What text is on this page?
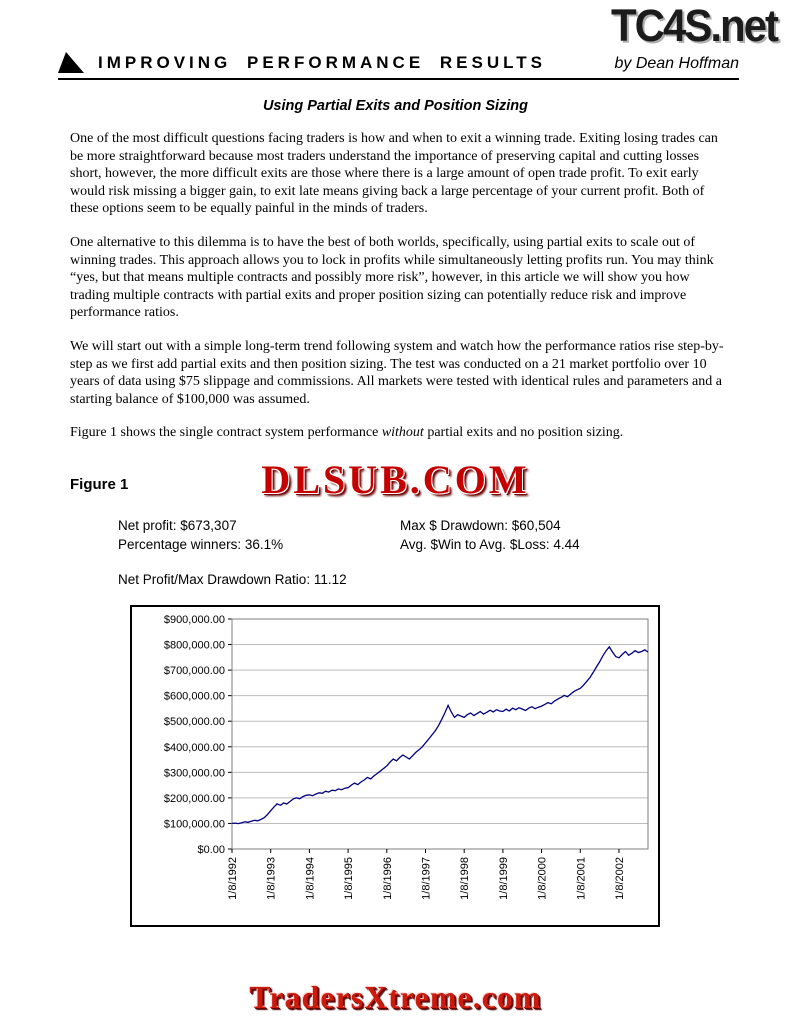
TC4S.net
IMPROVING PERFORMANCE RESULTS	by Dean Hoffman
Using Partial Exits and Position Sizing

One of the most difficult questions facing traders is how and when to exit a winning trade. Exiting losing trades can be more straightforward because most traders understand the importance of preserving capital and cutting losses short, however, the more difficult exits are those where there is a large amount of open trade profit. To exit early would risk missing a bigger gain, to exit late means giving back a large percentage of your current profit. Both of these options seem to be equally painful in the minds of traders.

One alternative to this dilemma is to have the best of both worlds, specifically, using partial exits to scale out of winning trades. This approach allows you to lock in profits while simultaneously letting profits run. You may think “yes, but that means multiple contracts and possibly more risk”, however, in this article we will show you how trading multiple contracts with partial exits and proper position sizing can potentially reduce risk and improve performance ratios.

We will start out with a simple long-term trend following system and watch how the performance ratios rise step-by-step as we first add partial exits and then position sizing. The test was conducted on a 21 market portfolio over 10 years of data using $75 slippage and commissions. All markets were tested with identical rules and parameters and a starting balance of $100,000 was assumed.

Figure 1 shows the single contract system performance without partial exits and no position sizing.

Figure 1	DLSUB.COM
Net profit: $673,307	Max $ Drawdown: $60,504
Percentage winners: 36.1%	Avg. $Win to Avg. $Loss: 4.44
Net Profit/Max Drawdown Ratio: 11.12
$0.00
$100,000.00
$200,000.00
$300,000.00
$400,000.00
$500,000.00
$600,000.00
$700,000.00
$800,000.00
$900,000.00
1/8/1992 1/8/1993 1/8/1994 1/8/1995 1/8/1996 1/8/1997 1/8/1998 1/8/1999 1/8/2000 1/8/2001 1/8/2002
TradersXtreme.com
